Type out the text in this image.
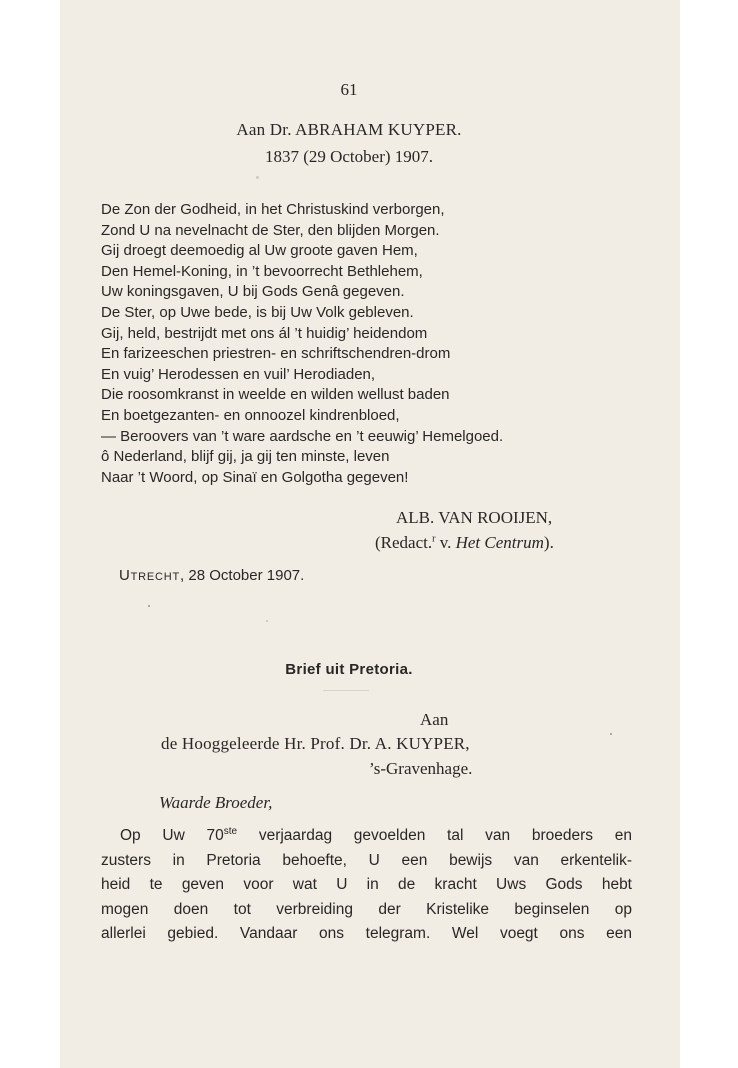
61
Aan Dr. ABRAHAM KUYPER.
1837 (29 October) 1907.
De Zon der Godheid, in het Christuskind verborgen,
Zond U na nevelnacht de Ster, den blijden Morgen.
Gij droegt deemoedig al Uw groote gaven Hem,
Den Hemel-Koning, in ’t bevoorrecht Bethlehem,
Uw koningsgaven, U bij Gods Genâ gegeven.
De Ster, op Uwe bede, is bij Uw Volk gebleven.
Gij, held, bestrijdt met ons ál ’t huidig’ heidendom
En farizeeschen priestren- en schriftschendren-drom
En vuig’ Herodessen en vuil’ Herodiaden,
Die roosomkranst in weelde en wilden wellust baden
En boetgezanten- en onnoozel kindrenbloed,
— Beroovers van ’t ware aardsche en ’t eeuwig’ Hemelgoed.
ô Nederland, blijf gij, ja gij ten minste, leven
Naar ’t Woord, op Sinaï en Golgotha gegeven!
ALB. VAN ROOIJEN,
(Redact.$^r$ v. Het Centrum).
Utrecht, 28 October 1907.
Brief uit Pretoria.
Aan
de Hooggeleerde Hr. Prof. Dr. A. KUYPER,
’s-Gravenhage.
Waarde Broeder,
Op Uw 70ste verjaardag gevoelden tal van broeders en
zusters in Pretoria behoefte, U een bewijs van erkentelik-
heid te geven voor wat U in de kracht Uws Gods hebt
mogen doen tot verbreiding der Kristelike beginselen op
allerlei gebied. Vandaar ons telegram. Wel voegt ons een
